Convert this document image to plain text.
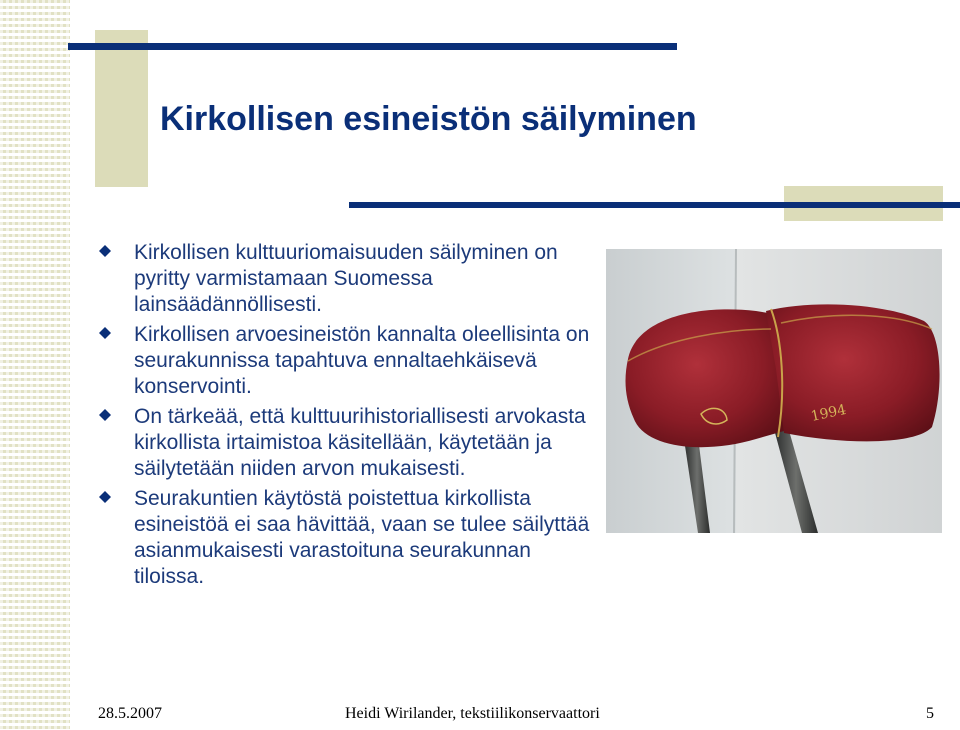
Kirkollisen esineistön säilyminen
Kirkollisen kulttuuriomaisuuden säilyminen on pyritty varmistamaan Suomessa lainsäädännöllisesti.
Kirkollisen arvoesineistön kannalta oleellisinta on seurakunnissa tapahtuva ennaltaehkäisevä konservointi.
On tärkeää, että kulttuurihistoriallisesti arvokasta kirkollista irtaimistoa käsitellään, käytetään ja säilytetään niiden arvon mukaisesti.
Seurakuntien käytöstä poistettua kirkollista esineistöä ei saa hävittää, vaan se tulee säilyttää asianmukaisesti varastoituna seurakunnan tiloissa.
1994
28.5.2007	Heidi Wirilander, tekstiilikonservaattori	5
